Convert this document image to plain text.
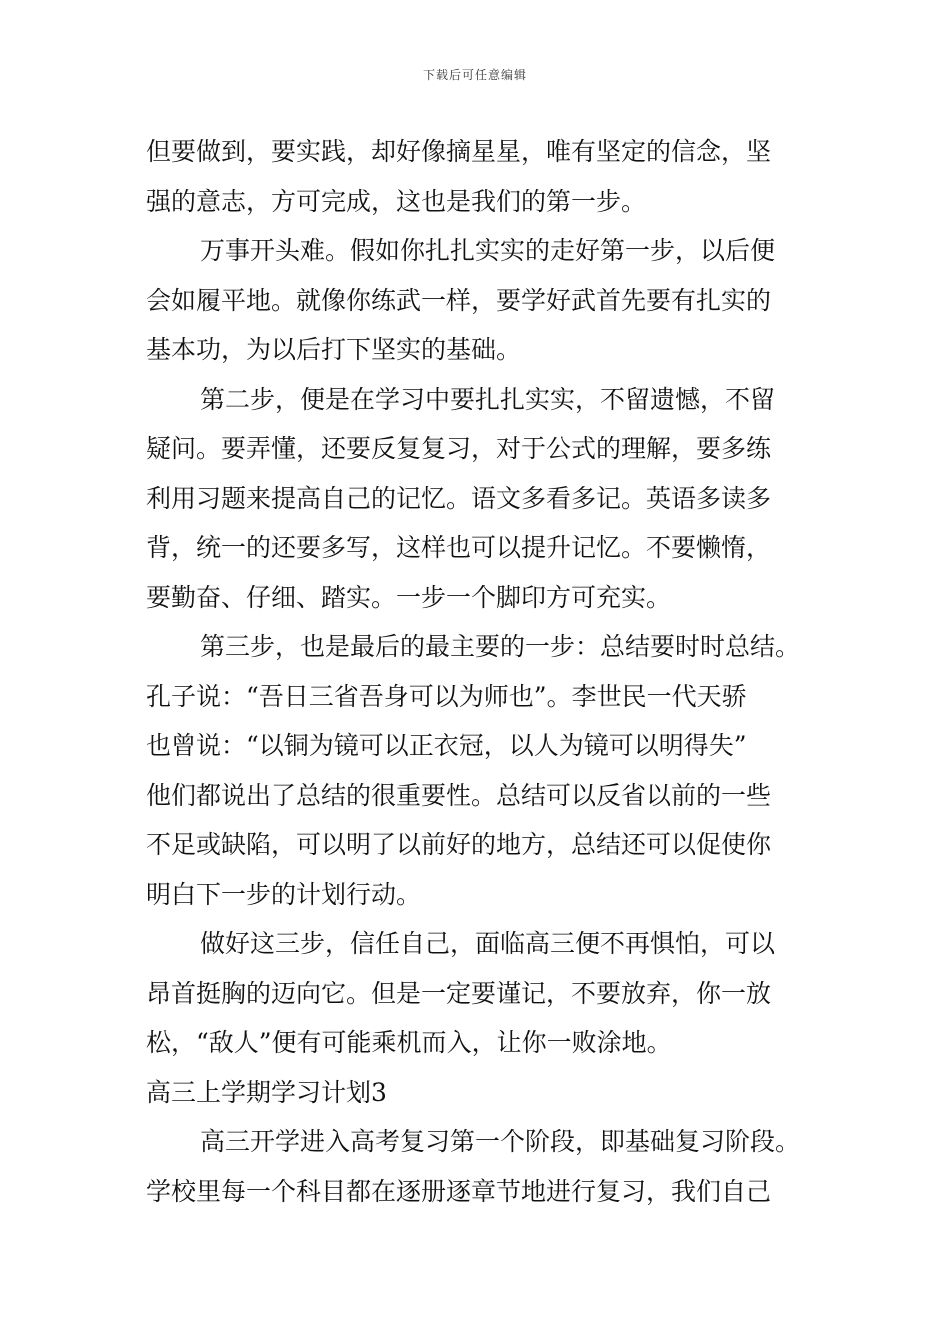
下载后可任意编辑
但要做到，要实践，却好像摘星星，唯有坚定的信念，坚
强的意志，方可完成，这也是我们的第一步。
万事开头难。假如你扎扎实实的走好第一步，以后便
会如履平地。就像你练武一样，要学好武首先要有扎实的
基本功，为以后打下坚实的基础。
第二步，便是在学习中要扎扎实实，不留遗憾，不留
疑问。要弄懂，还要反复复习，对于公式的理解，要多练
利用习题来提高自己的记忆。语文多看多记。英语多读多
背，统一的还要多写，这样也可以提升记忆。不要懒惰，
要勤奋、仔细、踏实。一步一个脚印方可充实。
第三步，也是最后的最主要的一步：总结要时时总结。
孔子说：“吾日三省吾身可以为师也”。李世民一代天骄
也曾说：“以铜为镜可以正衣冠，以人为镜可以明得失”
他们都说出了总结的很重要性。总结可以反省以前的一些
不足或缺陷，可以明了以前好的地方，总结还可以促使你
明白下一步的计划行动。
做好这三步，信任自己，面临高三便不再惧怕，可以
昂首挺胸的迈向它。但是一定要谨记，不要放弃，你一放
松，“敌人”便有可能乘机而入，让你一败涂地。
高三上学期学习计划3
高三开学进入高考复习第一个阶段，即基础复习阶段。
学校里每一个科目都在逐册逐章节地进行复习，我们自己
